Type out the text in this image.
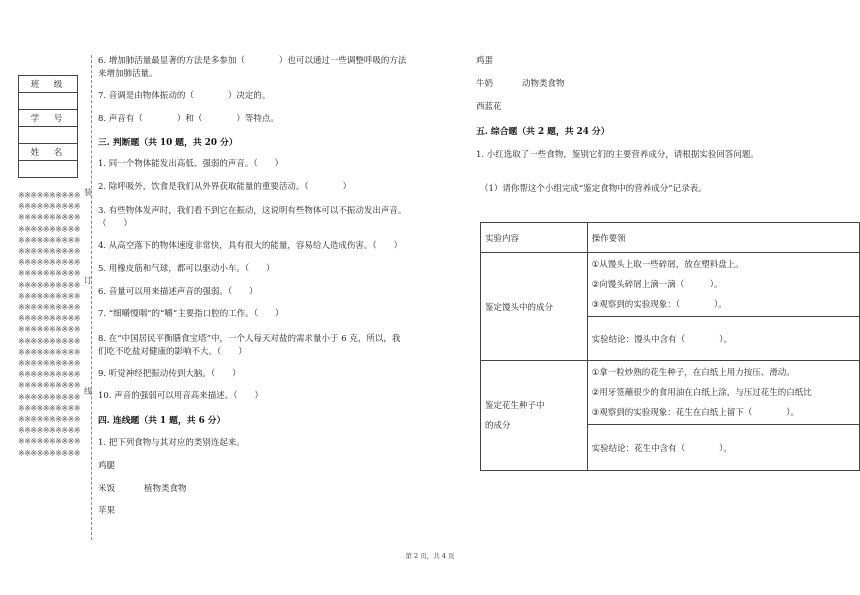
班　级

学　号

姓　名

※※※※※※※※※※※※※※※※※※※※※※※※※※※※※※※※※※※※※※※※※※※※※※※※※※※※※※※※※※※※※※※※※※※※※※※※※※※※※※※※※※※※※※※※※※※※※※※※※※※※※※※※※※※※※※※※※※※※※※※※※※※※※※※※※※※※※※※※※※※※※※※※※※※※※※※※※※※※※※※※※※※※※※※※※※※※※※※※※※※※※※※※※※※※※※※※※※※※※※※※※※※※※※※※※※※※※※※※※※※※※※※※※※※※※※※※※※※※※※※※
装
订
线
6. 增加肺活量最显著的方法是多参加（　　　　）也可以通过一些调整呼吸的方法
来增加肺活量。
7. 音调是由物体振动的（　　　　）决定的。
8. 声音有（　　　　）和（　　　　）等特点。
三. 判断题（共 10 题，共 20 分）
1. 同一个物体能发出高低、强弱的声音。（　　）
2. 除呼吸外，饮食是我们从外界获取能量的重要活动。（　　　　）
3. 有些物体发声时，我们看不到它在振动，这说明有些物体可以不振动发出声音。
（　　）
4. 从高空落下的物体速度非常快，具有很大的能量，容易给人造成伤害。（　　）
5. 用橡皮筋和气球，都可以驱动小车。（　　）
6. 音量可以用来描述声音的强弱。（　　）
7. “细嚼慢咽”的“嚼”主要指口腔的工作。（　　）
8. 在“中国居民平衡膳食宝塔”中，一个人每天对盐的需求量小于 6 克，所以，我
们吃不吃盐对健康的影响不大。（　　）
9. 听觉神经把振动传到大脑。（　　）
10. 声音的强弱可以用音高来描述。（　　）
四. 连线题（共 1 题，共 6 分）
1. 把下列食物与其对应的类别连起来。
鸡腿
米饭	植物类食物
苹果
鸡蛋
牛奶	动物类食物
西蓝花
五. 综合题（共 2 题，共 24 分）
1. 小红选取了一些食物，鉴别它们的主要营养成分，请根据实验回答问题。
（1）请你帮这个小组完成“鉴定食物中的营养成分”记录表。
实验内容	操作要领
鉴定馒头中的成分	①从馒头上取一些碎屑，放在塑料盘上。
②向馒头碎屑上滴一滴（　　　）。
③观察到的实验现象：（　　　　）。

	实验结论：馒头中含有（　　　　）。

鉴定花生种子中
的成分	①拿一粒炒熟的花生种子，在白纸上用力按压、滑动。
②用牙签蘸很少的食用油在白纸上涂，与压过花生的白纸比
③观察到的实验现象：花生在白纸上留下（　　　　）。

	实验结论：花生中含有（　　　　）。
第 2 页，共 4 页
